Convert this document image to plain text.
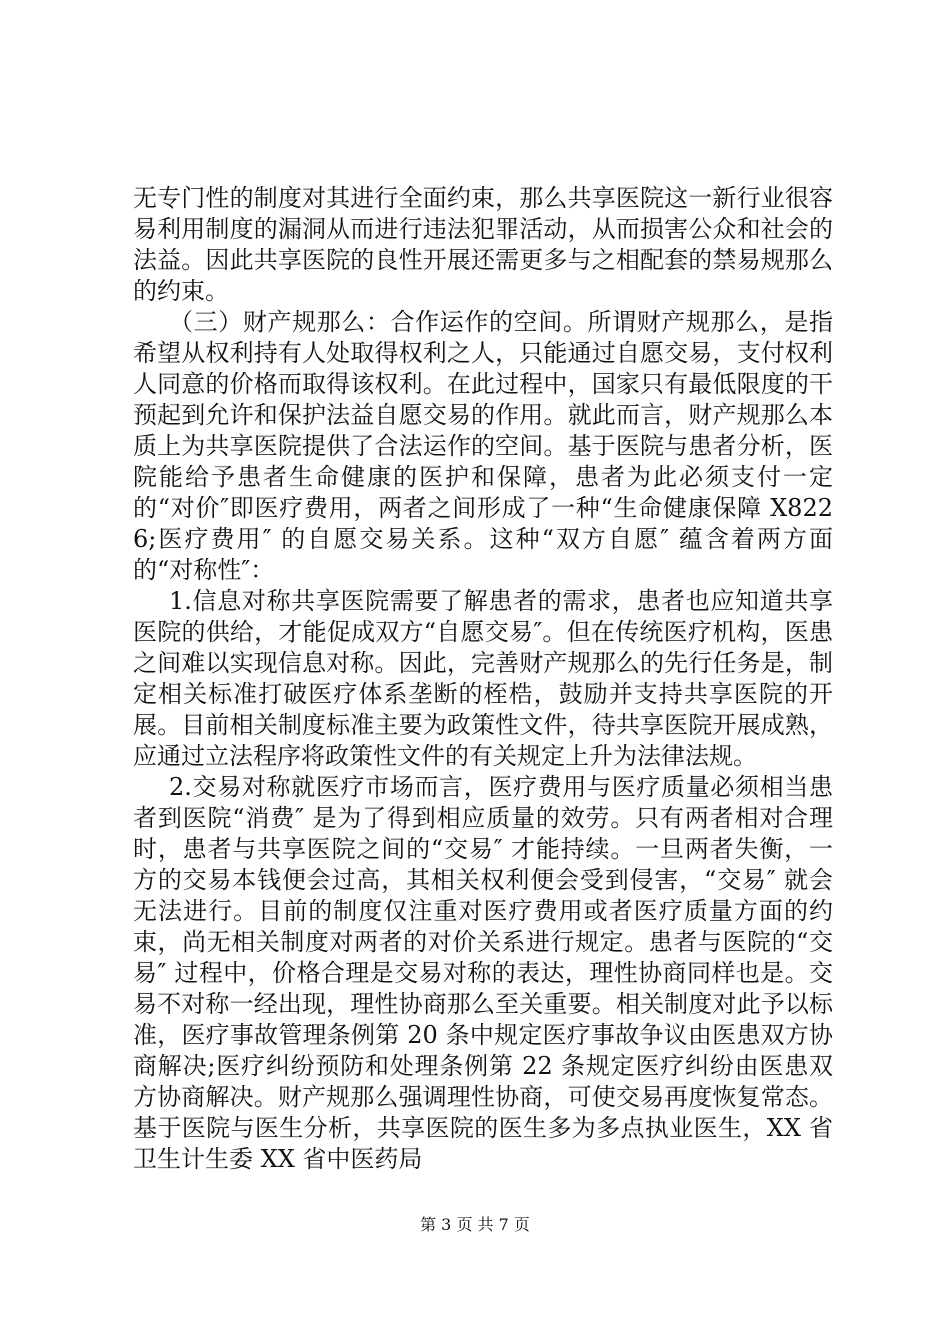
无专门性的制度对其进行全面约束，那么共享医院这一新行业很容易利用制度的漏洞从而进行违法犯罪活动，从而损害公众和社会的法益。因此共享医院的良性开展还需更多与之相配套的禁易规那么的约束。

（三）财产规那么：合作运作的空间。所谓财产规那么，是指希望从权利持有人处取得权利之人，只能通过自愿交易，支付权利人同意的价格而取得该权利。在此过程中，国家只有最低限度的干预起到允许和保护法益自愿交易的作用。就此而言，财产规那么本质上为共享医院提供了合法运作的空间。基于医院与患者分析，医院能给予患者生命健康的医护和保障，患者为此必须支付一定的“对价″即医疗费用，两者之间形成了一种“生命健康保障 X8226;医疗费用″ 的自愿交易关系。这种“双方自愿″ 蕴含着两方面的“对称性″：

1.信息对称共享医院需要了解患者的需求，患者也应知道共享医院的供给，才能促成双方“自愿交易″。但在传统医疗机构，医患之间难以实现信息对称。因此，完善财产规那么的先行任务是，制定相关标准打破医疗体系垄断的桎梏，鼓励并支持共享医院的开展。目前相关制度标准主要为政策性文件，待共享医院开展成熟，应通过立法程序将政策性文件的有关规定上升为法律法规。

2.交易对称就医疗市场而言，医疗费用与医疗质量必须相当患者到医院“消费″ 是为了得到相应质量的效劳。只有两者相对合理时，患者与共享医院之间的“交易″ 才能持续。一旦两者失衡，一方的交易本钱便会过高，其相关权利便会受到侵害，“交易″ 就会无法进行。目前的制度仅注重对医疗费用或者医疗质量方面的约束，尚无相关制度对两者的对价关系进行规定。患者与医院的“交易″ 过程中，价格合理是交易对称的表达，理性协商同样也是。交易不对称一经出现，理性协商那么至关重要。相关制度对此予以标准，医疗事故管理条例第 20 条中规定医疗事故争议由医患双方协商解决;医疗纠纷预防和处理条例第 22 条规定医疗纠纷由医患双方协商解决。财产规那么强调理性协商，可使交易再度恢复常态。基于医院与医生分析，共享医院的医生多为多点执业医生，XX 省卫生计生委 XX 省中医药局

第 3 页 共 7 页
